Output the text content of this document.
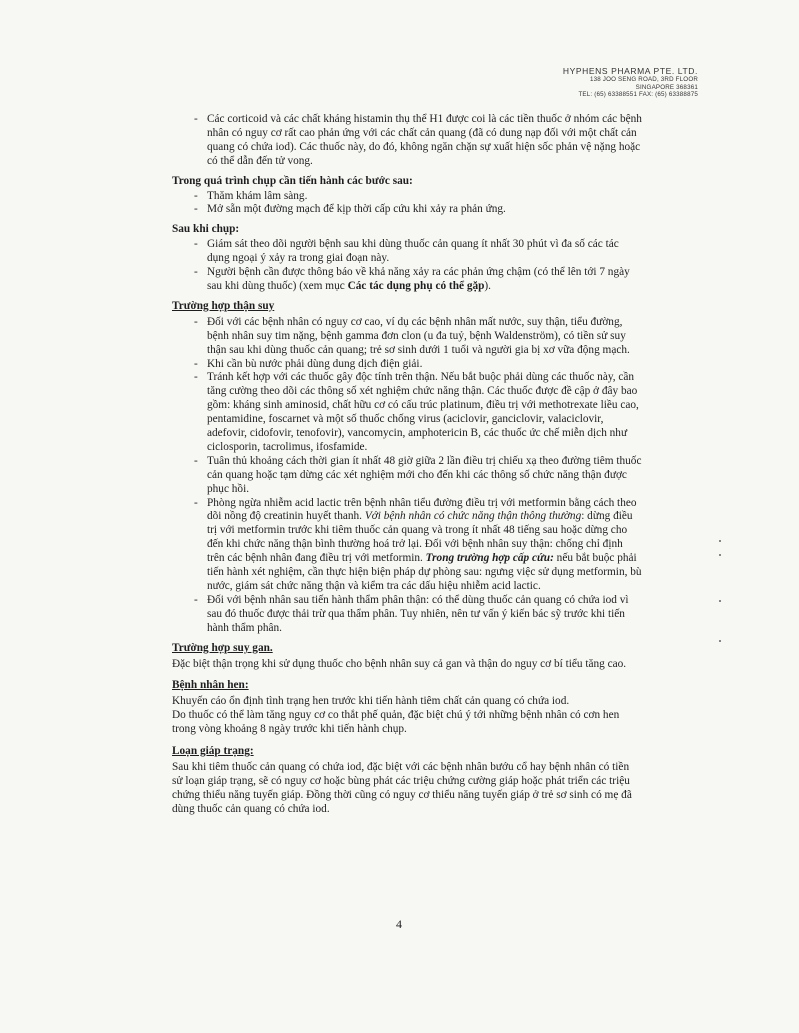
HYPHENS PHARMA PTE. LTD.
138 JOO SENG ROAD, 3RD FLOOR
SINGAPORE 368361
TEL: (65) 63388551 FAX: (65) 63388875
- Các corticoid và các chất kháng histamin thụ thể H1 được coi là các tiền thuốc ở nhóm các bệnh nhân có nguy cơ rất cao phản ứng với các chất cản quang (đã có dung nạp đối với một chất cản quang có chứa iod). Các thuốc này, do đó, không ngăn chặn sự xuất hiện sốc phản vệ nặng hoặc có thể dẫn đến tử vong.
Trong quá trình chụp cần tiến hành các bước sau:
- Thăm khám lâm sàng.
- Mở sẵn một đường mạch để kịp thời cấp cứu khi xảy ra phản ứng.
Sau khi chụp:
- Giám sát theo dõi người bệnh sau khi dùng thuốc cản quang ít nhất 30 phút vì đa số các tác dụng ngoại ý xảy ra trong giai đoạn này.
- Người bệnh cần được thông báo về khả năng xảy ra các phản ứng chậm (có thể lên tới 7 ngày sau khi dùng thuốc) (xem mục Các tác dụng phụ có thể gặp).
Trường hợp thận suy
- Đối với các bệnh nhân có nguy cơ cao, ví dụ các bệnh nhân mất nước, suy thận, tiểu đường, bệnh nhân suy tim nặng, bệnh gamma đơn clon (u đa tuỷ, bệnh Waldenström), có tiền sử suy thận sau khi dùng thuốc cản quang; trẻ sơ sinh dưới 1 tuổi và người gia bị xơ vữa động mạch.
- Khi cần bù nước phải dùng dung dịch điện giải.
- Tránh kết hợp với các thuốc gây độc tính trên thận. Nếu bắt buộc phải dùng các thuốc này, cần tăng cường theo dõi các thông số xét nghiệm chức năng thận. Các thuốc được đề cập ở đây bao gồm: kháng sinh aminosid, chất hữu cơ có cấu trúc platinum, điều trị với methotrexate liều cao, pentamidine, foscarnet và một số thuốc chống virus (aciclovir, ganciclovir, valaciclovir, adefovir, cidofovir, tenofovir), vancomycin, amphotericin B, các thuốc ức chế miễn dịch như ciclosporin, tacrolimus, ifosfamide.
- Tuân thủ khoảng cách thời gian ít nhất 48 giờ giữa 2 lần điều trị chiếu xạ theo đường tiêm thuốc cản quang hoặc tạm dừng các xét nghiệm mới cho đến khi các thông số chức năng thận được phục hồi.
- Phòng ngừa nhiễm acid lactic trên bệnh nhân tiểu đường điều trị với metformin bằng cách theo dõi nồng độ creatinin huyết thanh. Với bệnh nhân có chức năng thận thông thường: dừng điều trị với metformin trước khi tiêm thuốc cản quang và trong ít nhất 48 tiếng sau hoặc dừng cho đến khi chức năng thận bình thường hoá trở lại. Đối với bệnh nhân suy thận: chống chỉ định trên các bệnh nhân đang điều trị với metformin. Trong trường hợp cấp cứu: nếu bắt buộc phải tiến hành xét nghiệm, cần thực hiện biện pháp dự phòng sau: ngưng việc sử dụng metformin, bù nước, giám sát chức năng thận và kiểm tra các dấu hiệu nhiễm acid lactic.
- Đối với bệnh nhân sau tiến hành thẩm phân thận: có thể dùng thuốc cản quang có chứa iod vì sau đó thuốc được thải trừ qua thẩm phân. Tuy nhiên, nên tư vấn ý kiến bác sỹ trước khi tiến hành thẩm phân.
Trường hợp suy gan.
Đặc biệt thận trọng khi sử dụng thuốc cho bệnh nhân suy cả gan và thận do nguy cơ bí tiểu tăng cao.
Bệnh nhân hen:
Khuyến cáo ổn định tình trạng hen trước khi tiến hành tiêm chất cản quang có chứa iod.
Do thuốc có thể làm tăng nguy cơ co thắt phế quản, đặc biệt chú ý tới những bệnh nhân có cơn hen trong vòng khoảng 8 ngày trước khi tiến hành chụp.
Loạn giáp trạng:
Sau khi tiêm thuốc cản quang có chứa iod, đặc biệt với các bệnh nhân bướu cổ hay bệnh nhân có tiền sử loạn giáp trạng, sẽ có nguy cơ hoặc bùng phát các triệu chứng cường giáp hoặc phát triển các triệu chứng thiểu năng tuyến giáp. Đồng thời cũng có nguy cơ thiểu năng tuyến giáp ở trẻ sơ sinh có mẹ đã dùng thuốc cản quang có chứa iod.
4
